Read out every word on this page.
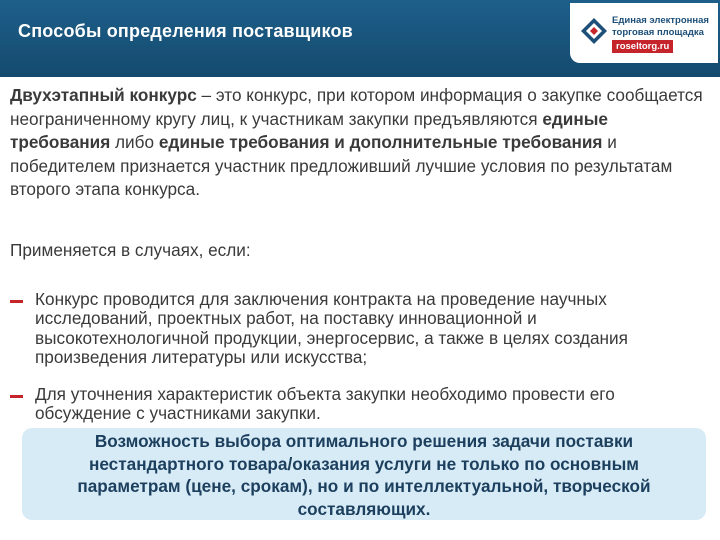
Двухэтапный конкурс – это конкурс, при котором информация о закупке сообщается неограниченному кругу лиц, к участникам закупки предъявляются единые требования либо единые требования и дополнительные требования и победителем признается участник предложивший лучшие условия по результатам второго этапа конкурса.
Способы определения поставщиков
Единая электронная
торговая площадка
roseltorg.ru
Применяется в случаях, если:
Конкурс проводится для заключения контракта на проведение научных исследований, проектных работ, на поставку инновационной и высокотехнологичной продукции, энергосервис, а также в целях создания произведения литературы или искусства;
Для уточнения характеристик объекта закупки необходимо провести его обсуждение с участниками закупки.
Возможность выбора оптимального решения задачи поставки нестандартного товара/оказания услуги не только по основным параметрам (цене, срокам), но и по интеллектуальной, творческой составляющих.
